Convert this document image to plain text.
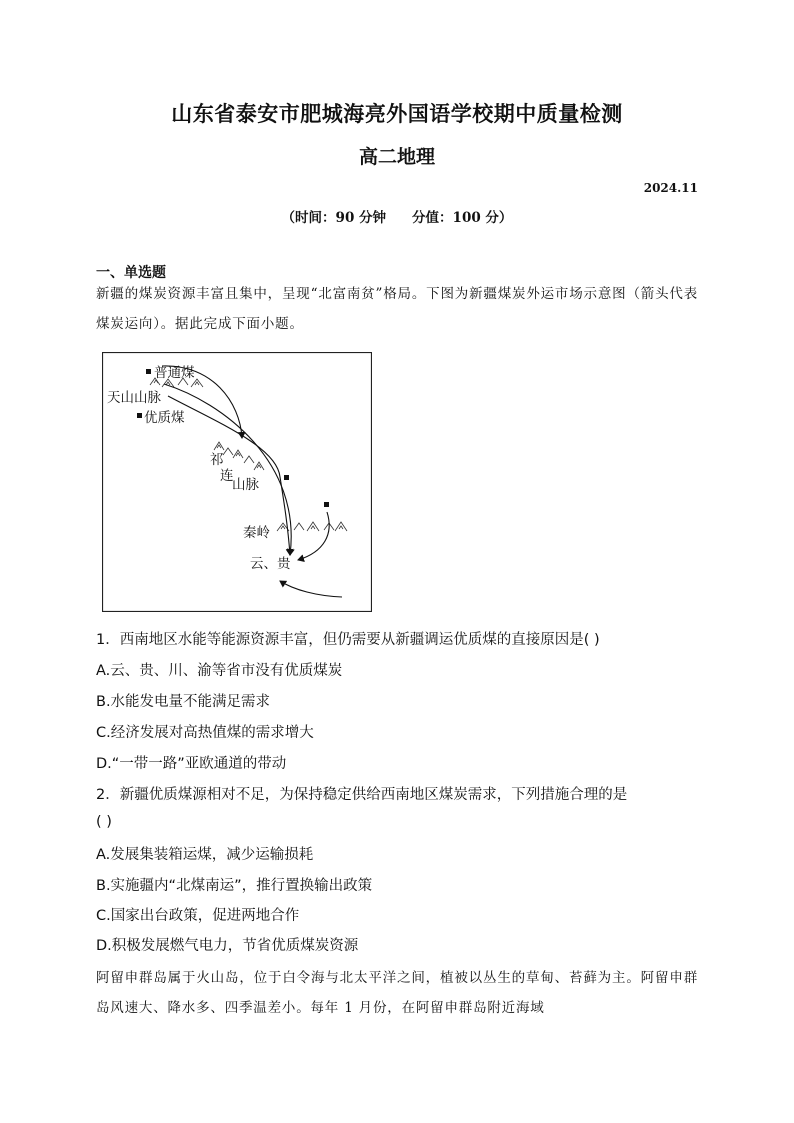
山东省泰安市肥城海亮外国语学校期中质量检测
高二地理
2024.11
（时间：90 分钟 分值：100 分）
一、单选题
新疆的煤炭资源丰富且集中，呈现“北富南贫”格局。下图为新疆煤炭外运市场示意图（箭头代表煤炭运向）。据此完成下面小题。
普通煤
天山山脉
优质煤
祁
连
山脉
秦岭
云、贵
1．西南地区水能等能源资源丰富，但仍需要从新疆调运优质煤的直接原因是( )
A.云、贵、川、渝等省市没有优质煤炭
B.水能发电量不能满足需求
C.经济发展对高热值煤的需求增大
D.“一带一路”亚欧通道的带动
2．新疆优质煤源相对不足，为保持稳定供给西南地区煤炭需求，下列措施合理的是
( )
A.发展集装箱运煤，减少运输损耗
B.实施疆内“北煤南运”，推行置换输出政策
C.国家出台政策，促进两地合作
D.积极发展燃气电力，节省优质煤炭资源
阿留申群岛属于火山岛，位于白令海与北太平洋之间，植被以丛生的草甸、苔藓为主。阿留申群岛风速大、降水多、四季温差小。每年 1 月份，在阿留申群岛附近海域
